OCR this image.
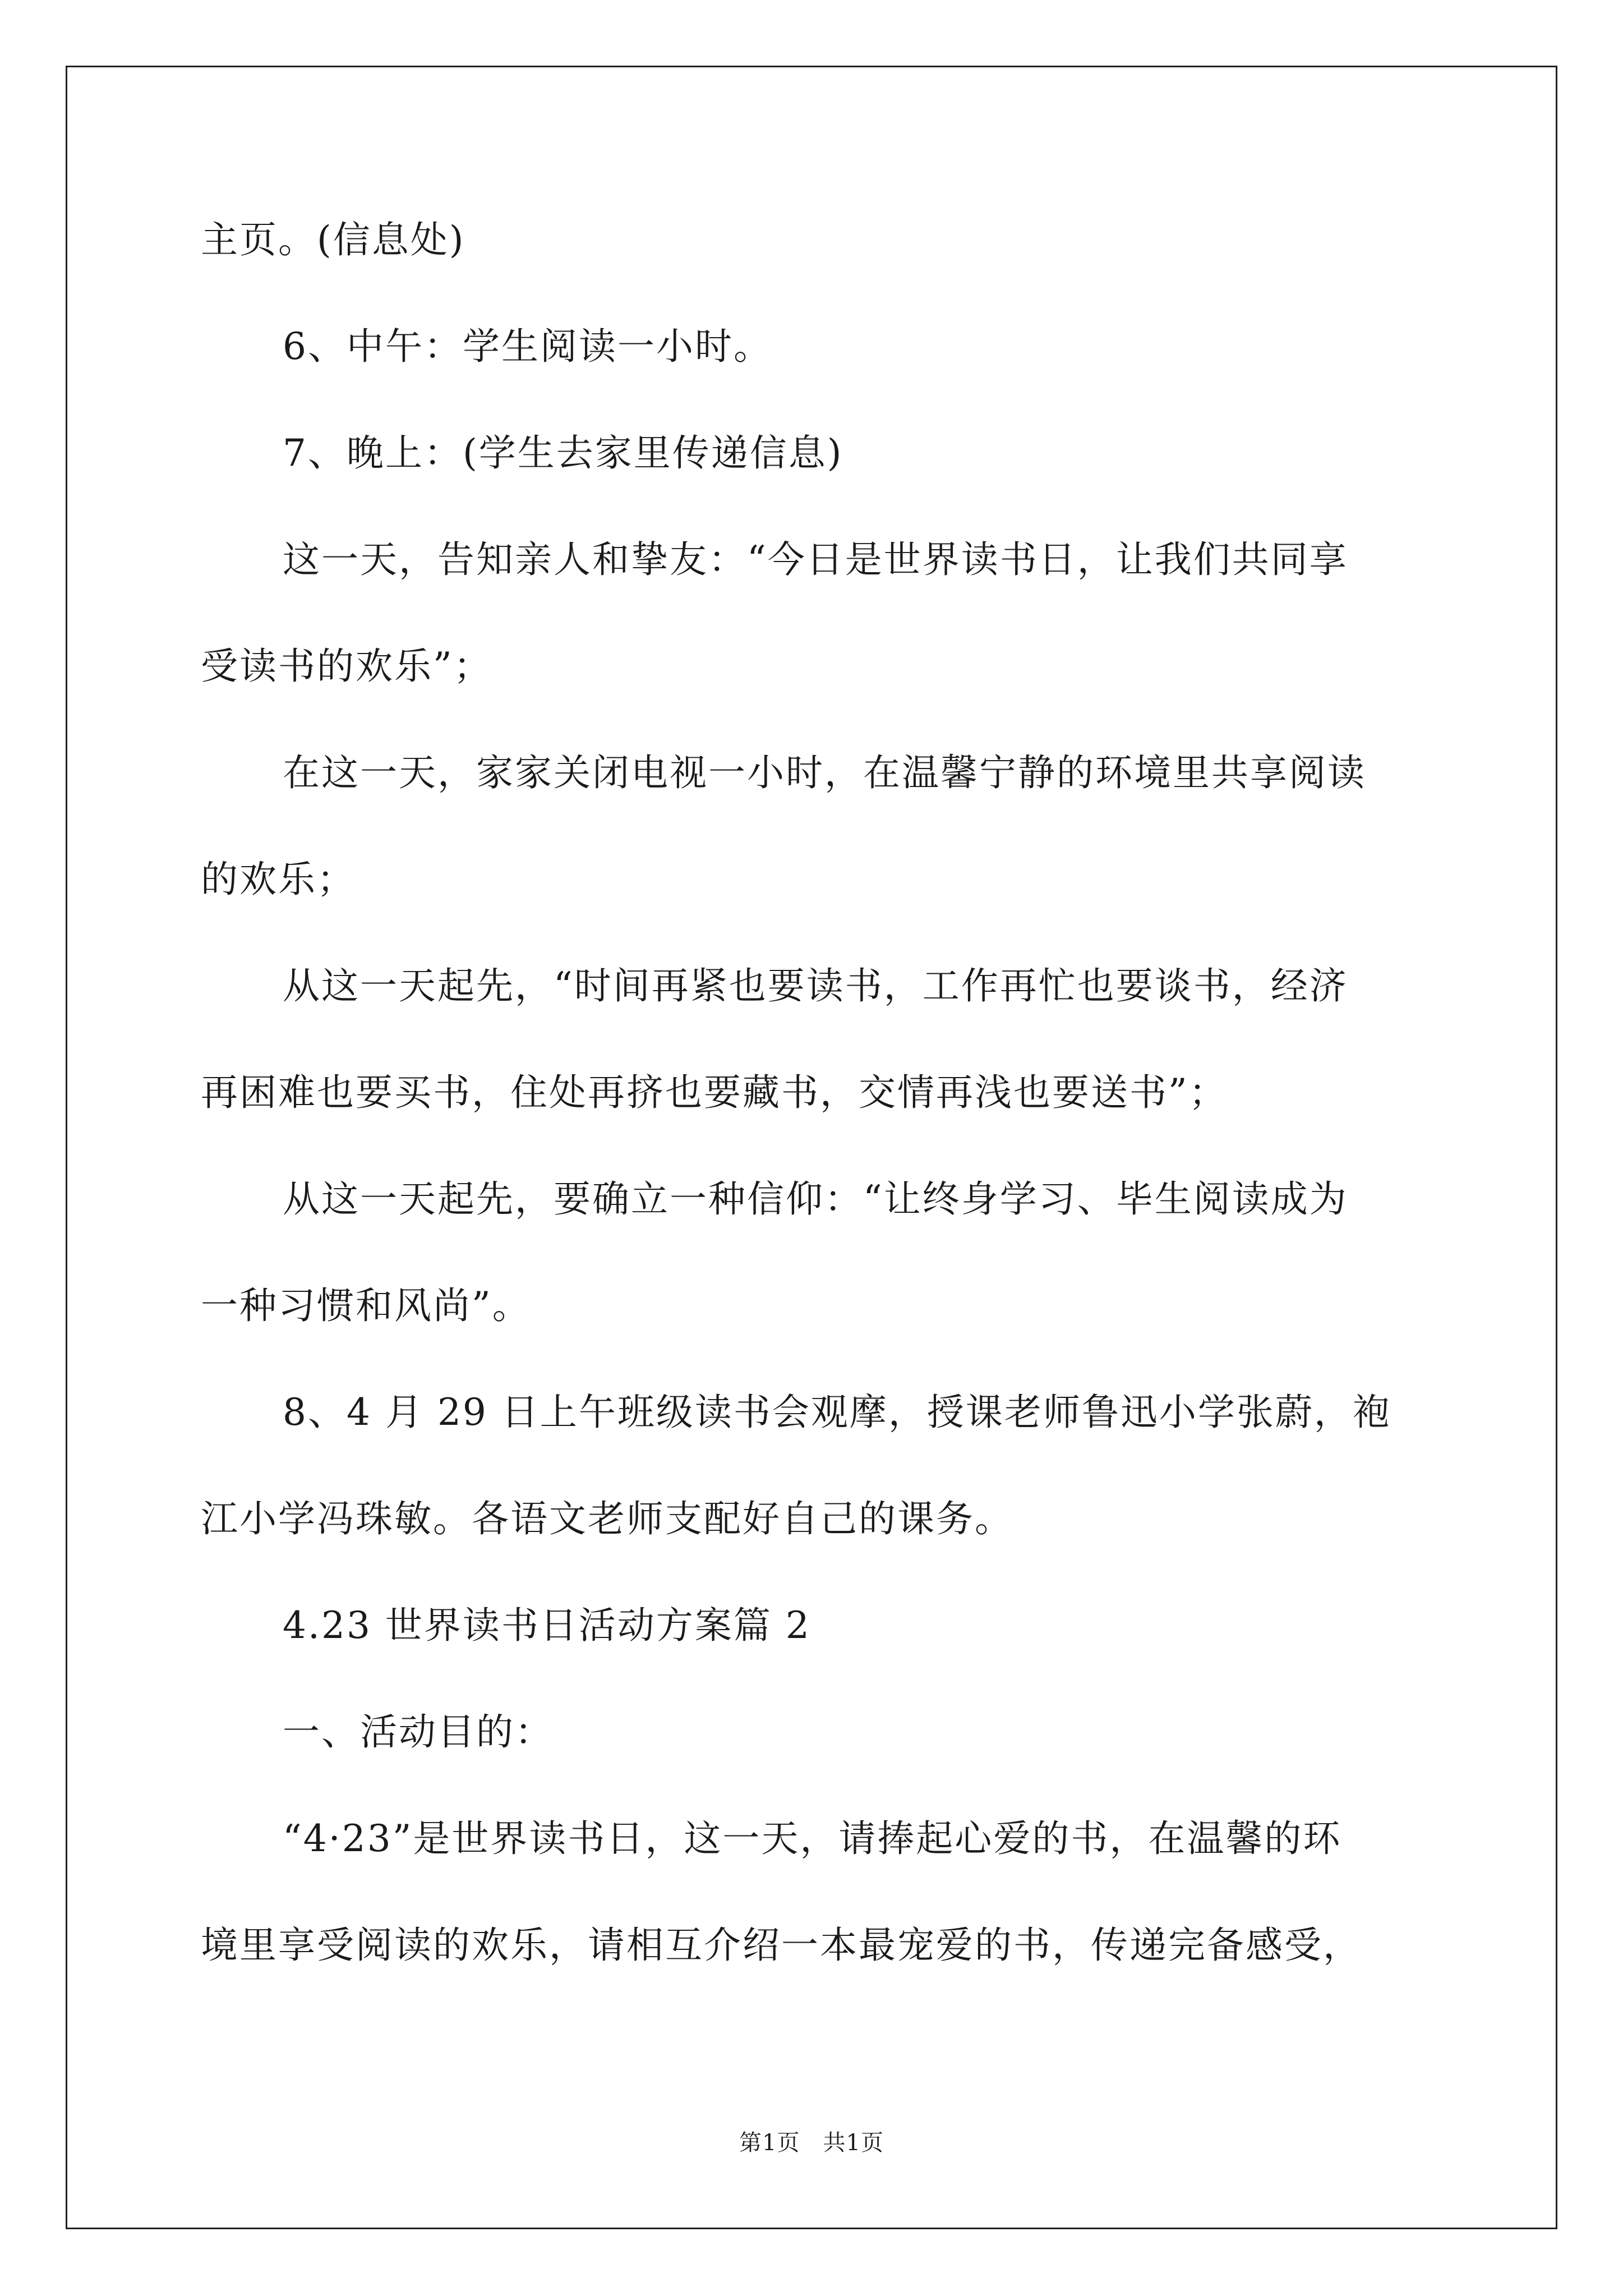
主页。(信息处)
6、中午：学生阅读一小时。
7、晚上：(学生去家里传递信息)
这一天，告知亲人和挚友：“今日是世界读书日，让我们共同享
受读书的欢乐”；
在这一天，家家关闭电视一小时，在温馨宁静的环境里共享阅读
的欢乐；
从这一天起先，“时间再紧也要读书，工作再忙也要谈书，经济
再困难也要买书，住处再挤也要藏书，交情再浅也要送书”；
从这一天起先，要确立一种信仰：“让终身学习、毕生阅读成为
一种习惯和风尚”。
8、4 月 29 日上午班级读书会观摩，授课老师鲁迅小学张蔚，袍
江小学冯珠敏。各语文老师支配好自己的课务。
4.23 世界读书日活动方案篇 2
一、活动目的：
“4·23”是世界读书日，这一天，请捧起心爱的书，在温馨的环
境里享受阅读的欢乐，请相互介绍一本最宠爱的书，传递完备感受，
第1页　共1页
